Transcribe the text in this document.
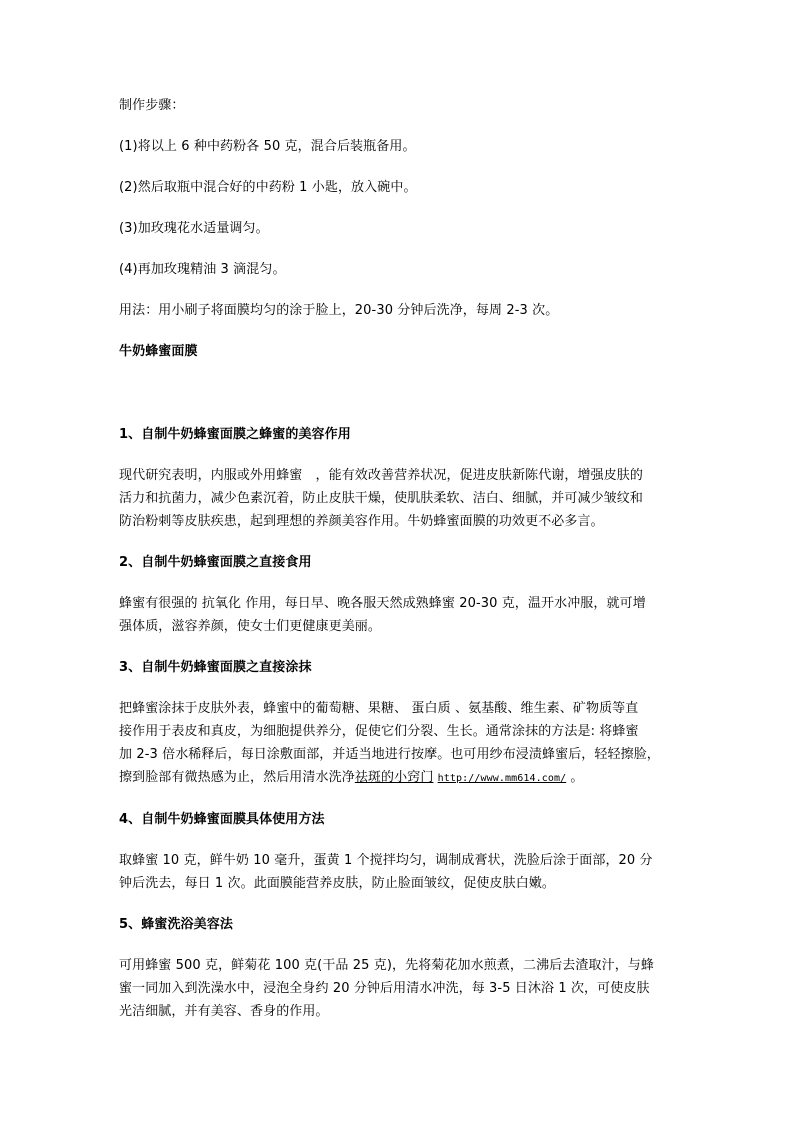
制作步骤：

(1)将以上 6 种中药粉各 50 克，混合后装瓶备用。

(2)然后取瓶中混合好的中药粉 1 小匙，放入碗中。

(3)加玫瑰花水适量调匀。

(4)再加玫瑰精油 3 滴混匀。

用法：用小刷子将面膜均匀的涂于脸上，20-30 分钟后洗净，每周 2-3 次。

牛奶蜂蜜面膜

1、自制牛奶蜂蜜面膜之蜂蜜的美容作用

现代研究表明，内服或外用蜂蜜　，能有效改善营养状况，促进皮肤新陈代谢，增强皮肤的

活力和抗菌力，减少色素沉着，防止皮肤干燥，使肌肤柔软、洁白、细腻，并可减少皱纹和

防治粉刺等皮肤疾患，起到理想的养颜美容作用。牛奶蜂蜜面膜的功效更不必多言。

2、自制牛奶蜂蜜面膜之直接食用

蜂蜜有很强的 抗氧化 作用，每日早、晚各服天然成熟蜂蜜 20-30 克，温开水冲服，就可增

强体质，滋容养颜，使女士们更健康更美丽。

3、自制牛奶蜂蜜面膜之直接涂抹

把蜂蜜涂抹于皮肤外表，蜂蜜中的葡萄糖、果糖、 蛋白质 、氨基酸、维生素、矿物质等直

接作用于表皮和真皮，为细胞提供养分，促使它们分裂、生长。通常涂抹的方法是: 将蜂蜜

加 2-3 倍水稀释后，每日涂敷面部，并适当地进行按摩。也可用纱布浸渍蜂蜜后，轻轻擦脸，

擦到脸部有微热感为止，然后用清水洗净祛斑的小窍门 http://www.mm614.com/ 。

4、自制牛奶蜂蜜面膜具体使用方法

取蜂蜜 10 克，鲜牛奶 10 毫升，蛋黄 1 个搅拌均匀，调制成膏状，洗脸后涂于面部，20 分

钟后洗去，每日 1 次。此面膜能营养皮肤，防止脸面皱纹，促使皮肤白嫩。

5、蜂蜜洗浴美容法

可用蜂蜜 500 克，鲜菊花 100 克(干品 25 克)，先将菊花加水煎煮，二沸后去渣取汁，与蜂

蜜一同加入到洗澡水中，浸泡全身约 20 分钟后用清水冲洗，每 3-5 日沐浴 1 次，可使皮肤

光洁细腻，并有美容、香身的作用。
